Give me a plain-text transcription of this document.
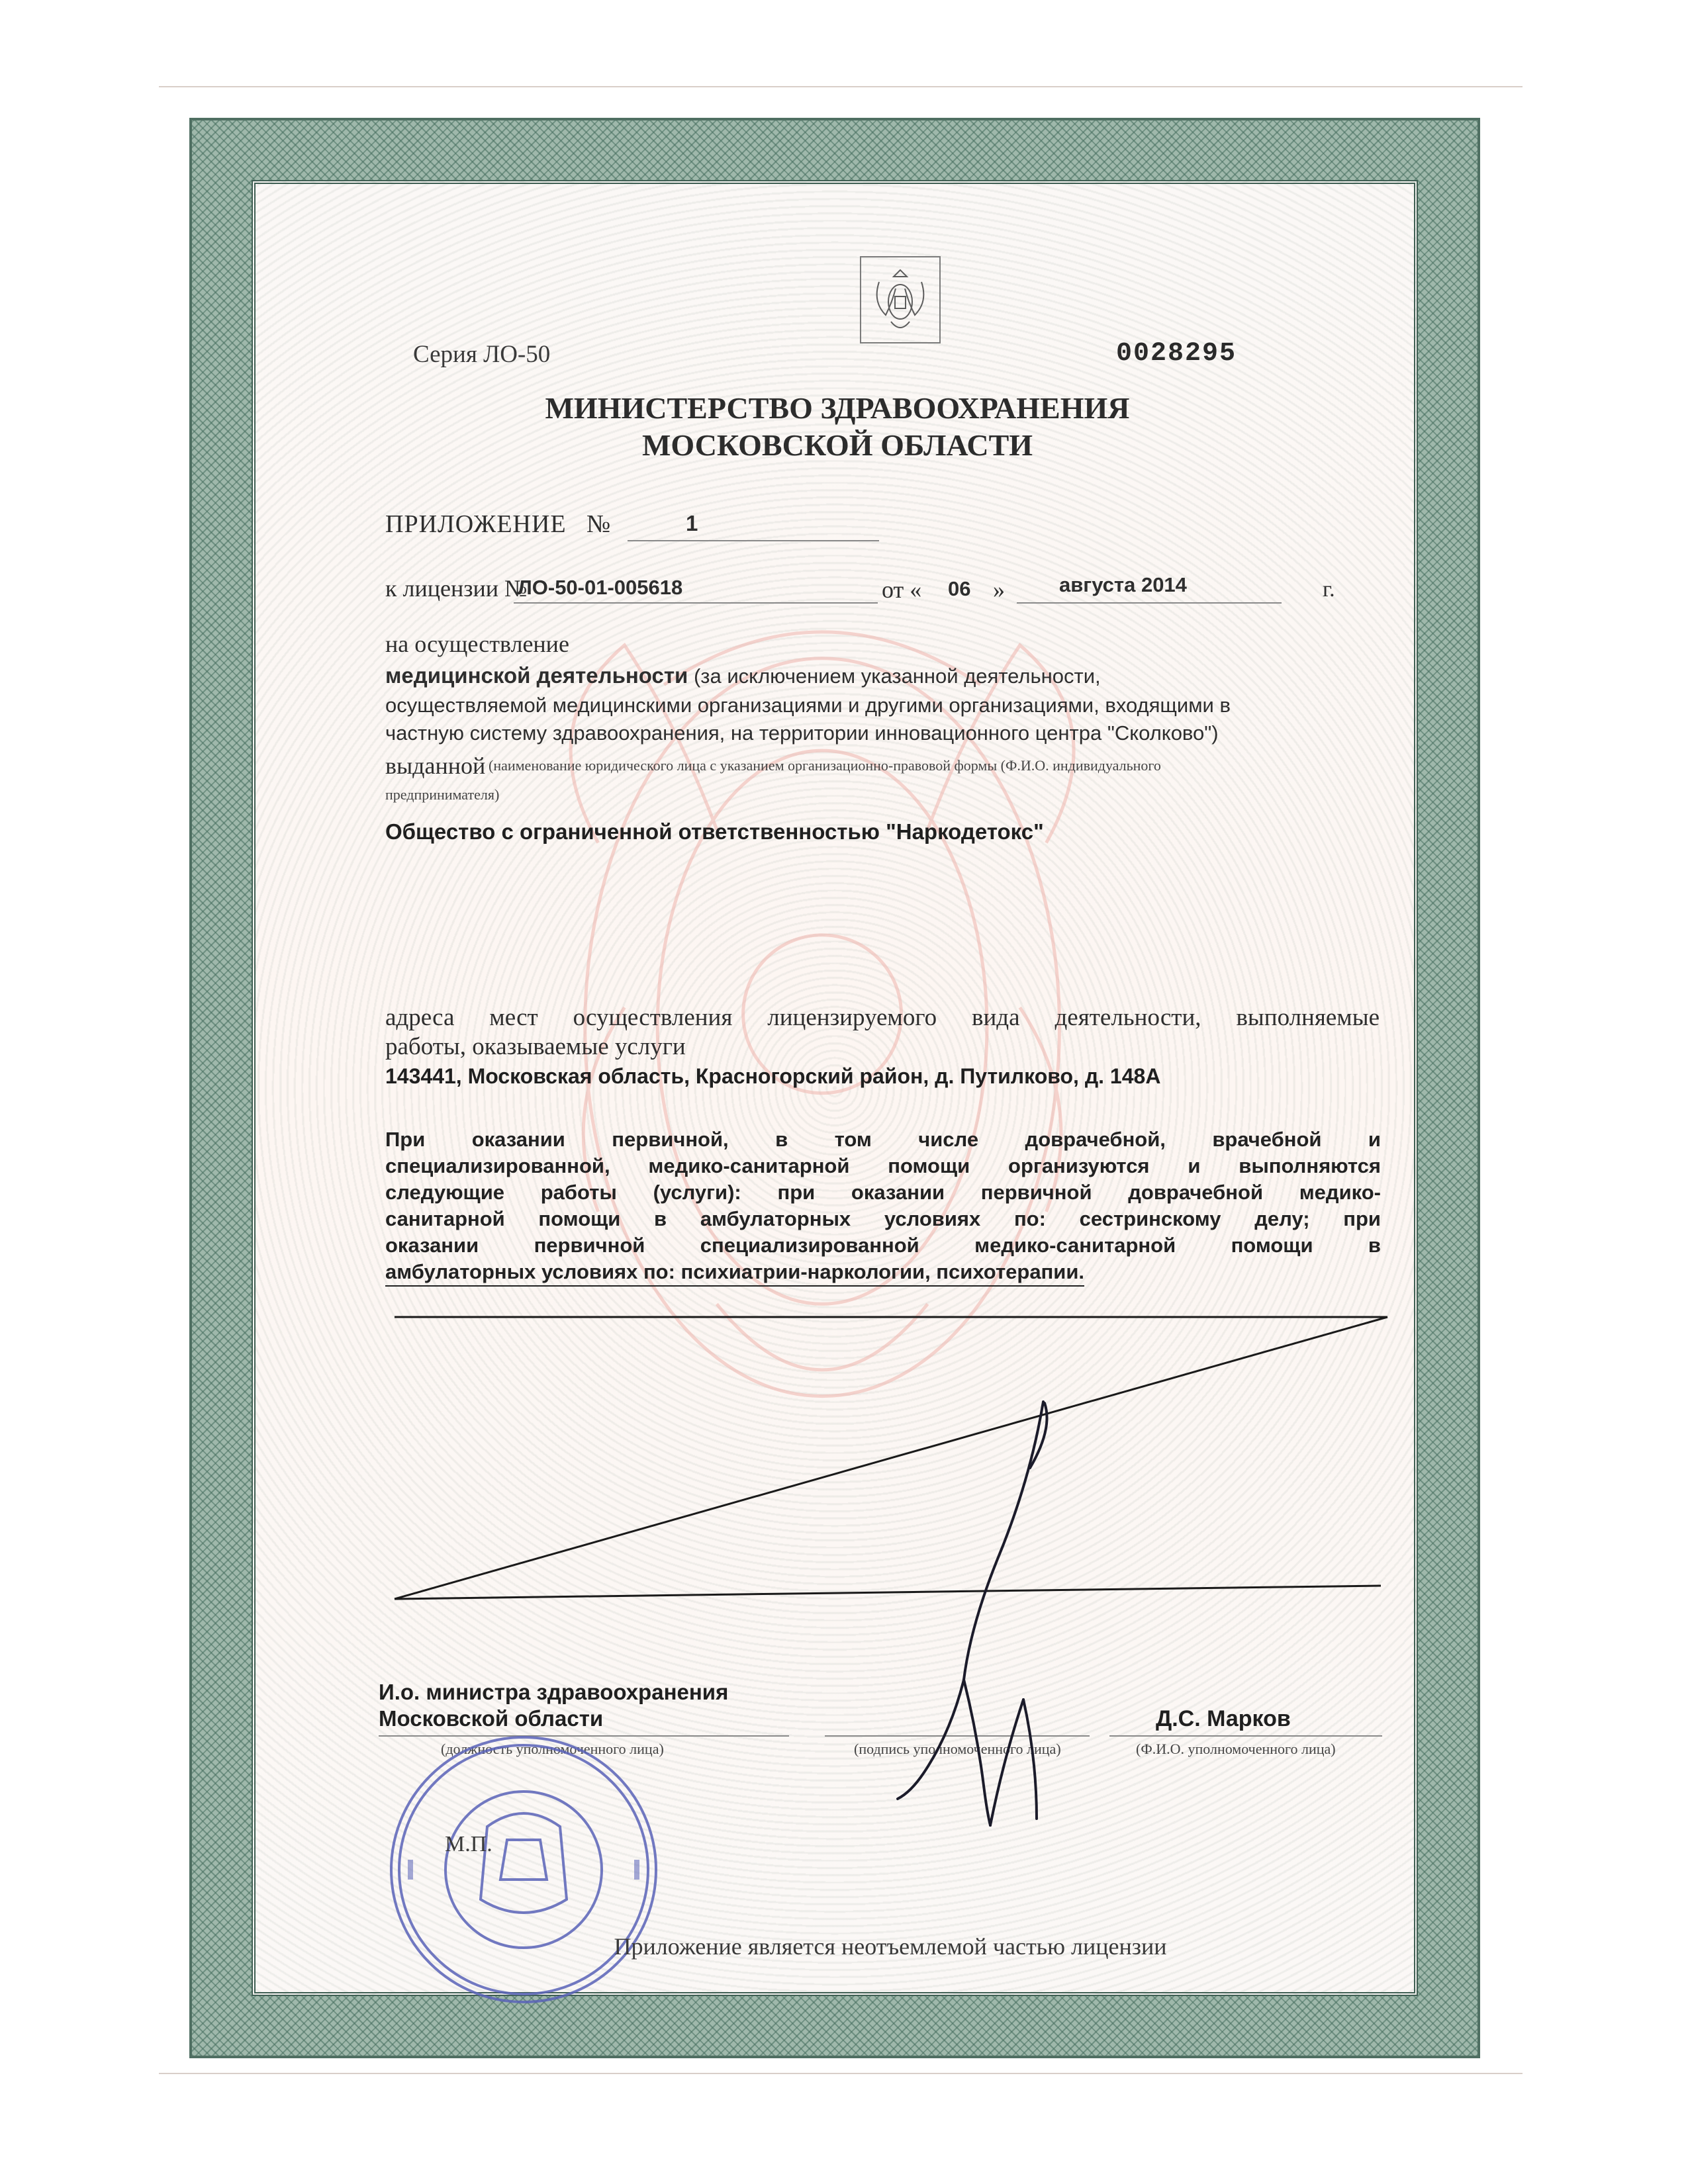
Серия ЛО-50	0028295
МИНИСТЕРСТВО ЗДРАВООХРАНЕНИЯ
МОСКОВСКОЙ ОБЛАСТИ
ПРИЛОЖЕНИЕ №	1
к лицензии №
ЛО-50-01-005618	от « 06 »	августа 2014	г.
на осуществление
медицинской деятельности (за исключением указанной деятельности,
осуществляемой медицинскими организациями и другими организациями, входящими в
частную систему здравоохранения, на территории инновационного центра "Сколково")
выданной (наименование юридического лица с указанием организационно-правовой формы (Ф.И.О. индивидуального
предпринимателя)
Общество с ограниченной ответственностью "Наркодетокс"
адреса мест осуществления лицензируемого вида деятельности, выполняемые
работы, оказываемые услуги
143441, Московская область, Красногорский район, д. Путилково, д. 148А
При оказании первичной, в том числе доврачебной, врачебной и
специализированной, медико-санитарной помощи организуются и выполняются
следующие работы (услуги): при оказании первичной доврачебной медико-
санитарной помощи в амбулаторных условиях по: сестринскому делу; при
оказании первичной специализированной медико-санитарной помощи в
амбулаторных условиях по: психиатрии-наркологии, психотерапии.
И.о. министра здравоохранения
Московской области
(должность уполномоченного лица)	(подпись уполномоченного лица)
Д.С. Марков
(Ф.И.О. уполномоченного лица)
М.П.
Приложение является неотъемлемой частью лицензии
